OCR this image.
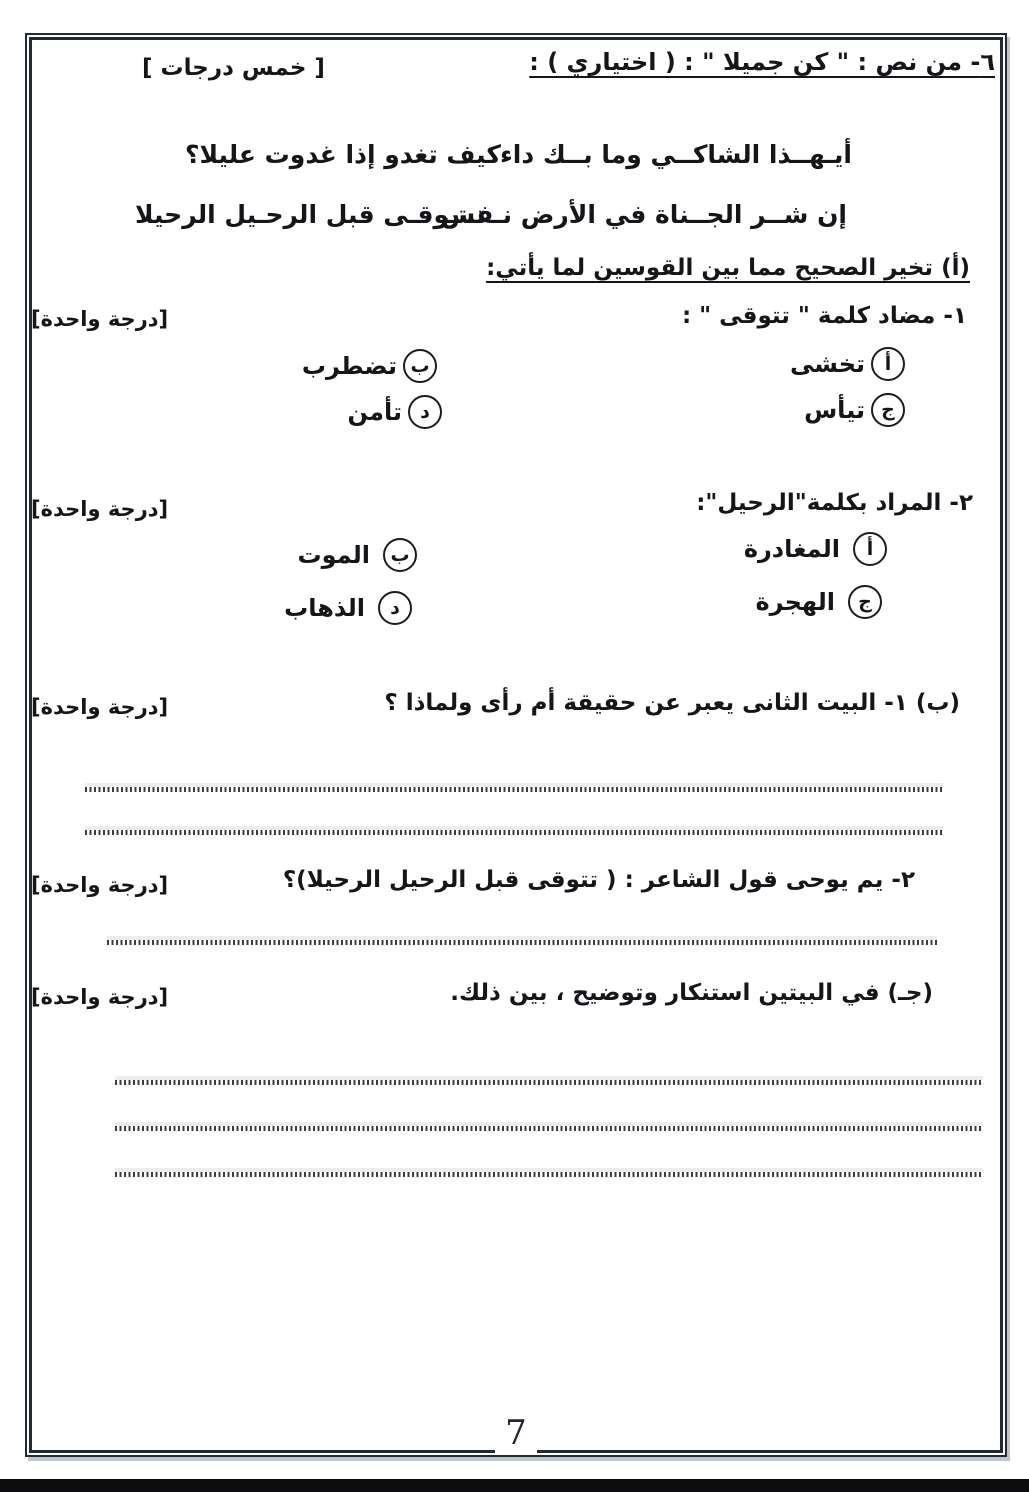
٦- من نص : " كن جميلا " : ( اختياري ) :
[ خمس درجات ]
أيـهــذا الشاكــي وما بــك داء
كيف تغدو إذا غدوت عليلا؟
إن شــر الجــناة في الأرض نـفس
تـتـوقـى قبل الرحـيل الرحيلا
(أ) تخير الصحيح مما بين القوسين لما يأتي:
١- مضاد كلمة " تتوقى " :
[درجة واحدة]
أ
تخشى
ب
تضطرب
ج
تيأس
د
تأمن
٢- المراد بكلمة"الرحيل":
[درجة واحدة]
أ
المغادرة
ب
الموت
ج
الهجرة
د
الذهاب
(ب) ١- البيت الثانى يعبر عن حقيقة أم رأى ولماذا ؟
[درجة واحدة]
٢- يم يوحى قول الشاعر : ( تتوقى قبل الرحيل الرحيلا)؟
[درجة واحدة]
(جـ) في البيتين استنكار وتوضيح ، بين ذلك.
[درجة واحدة]
7
